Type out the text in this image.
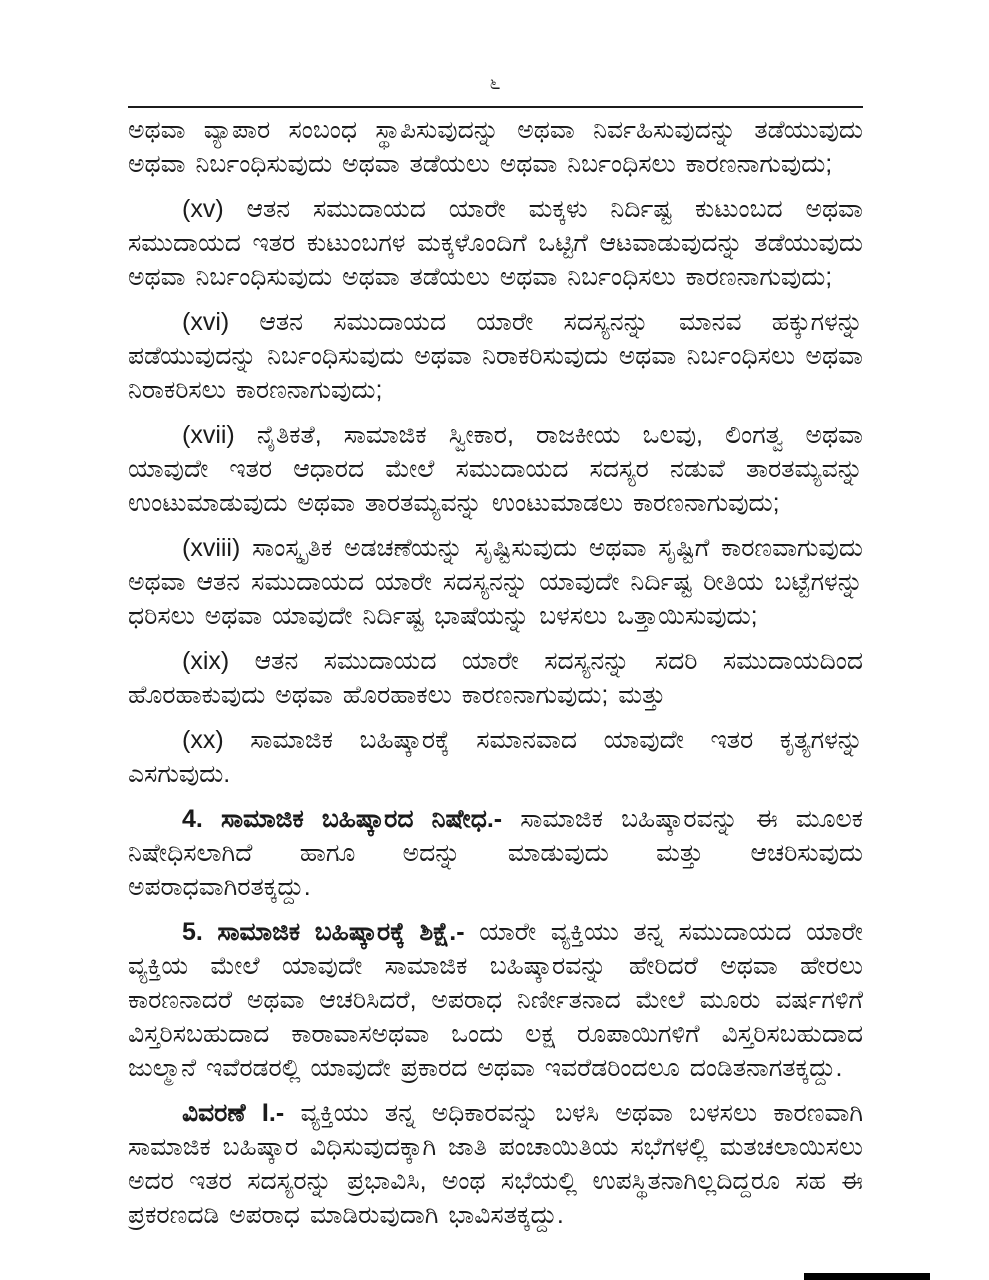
೬

ಅಥವಾ ವ್ಯಾಪಾರ ಸಂಬಂಧ ಸ್ಥಾಪಿಸುವುದನ್ನು ಅಥವಾ ನಿರ್ವಹಿಸುವುದನ್ನು ತಡೆಯುವುದು ಅಥವಾ ನಿರ್ಬಂಧಿಸುವುದು ಅಥವಾ ತಡೆಯಲು ಅಥವಾ ನಿರ್ಬಂಧಿಸಲು ಕಾರಣನಾಗುವುದು;

(xv) ಆತನ ಸಮುದಾಯದ ಯಾರೇ ಮಕ್ಕಳು ನಿರ್ದಿಷ್ಟ ಕುಟುಂಬದ ಅಥವಾ ಸಮುದಾಯದ ಇತರ ಕುಟುಂಬಗಳ ಮಕ್ಕಳೊಂದಿಗೆ ಒಟ್ಟಿಗೆ ಆಟವಾಡುವುದನ್ನು ತಡೆಯುವುದು ಅಥವಾ ನಿರ್ಬಂಧಿಸುವುದು ಅಥವಾ ತಡೆಯಲು ಅಥವಾ ನಿರ್ಬಂಧಿಸಲು ಕಾರಣನಾಗುವುದು;

(xvi) ಆತನ ಸಮುದಾಯದ ಯಾರೇ ಸದಸ್ಯನನ್ನು ಮಾನವ ಹಕ್ಕುಗಳನ್ನು ಪಡೆಯುವುದನ್ನು ನಿರ್ಬಂಧಿಸುವುದು ಅಥವಾ ನಿರಾಕರಿಸುವುದು ಅಥವಾ ನಿರ್ಬಂಧಿಸಲು ಅಥವಾ ನಿರಾಕರಿಸಲು ಕಾರಣನಾಗುವುದು;

(xvii) ನೈತಿಕತೆ, ಸಾಮಾಜಿಕ ಸ್ವೀಕಾರ, ರಾಜಕೀಯ ಒಲವು, ಲಿಂಗತ್ವ ಅಥವಾ ಯಾವುದೇ ಇತರ ಆಧಾರದ ಮೇಲೆ ಸಮುದಾಯದ ಸದಸ್ಯರ ನಡುವೆ ತಾರತಮ್ಯವನ್ನು ಉಂಟುಮಾಡುವುದು ಅಥವಾ ತಾರತಮ್ಯವನ್ನು ಉಂಟುಮಾಡಲು ಕಾರಣನಾಗುವುದು;

(xviii) ಸಾಂಸ್ಕೃತಿಕ ಅಡಚಣೆಯನ್ನು ಸೃಷ್ಟಿಸುವುದು ಅಥವಾ ಸೃಷ್ಟಿಗೆ ಕಾರಣವಾಗುವುದು ಅಥವಾ ಆತನ ಸಮುದಾಯದ ಯಾರೇ ಸದಸ್ಯನನ್ನು ಯಾವುದೇ ನಿರ್ದಿಷ್ಟ ರೀತಿಯ ಬಟ್ಟೆಗಳನ್ನು ಧರಿಸಲು ಅಥವಾ ಯಾವುದೇ ನಿರ್ದಿಷ್ಟ ಭಾಷೆಯನ್ನು ಬಳಸಲು ಒತ್ತಾಯಿಸುವುದು;

(xix) ಆತನ ಸಮುದಾಯದ ಯಾರೇ ಸದಸ್ಯನನ್ನು ಸದರಿ ಸಮುದಾಯದಿಂದ ಹೊರಹಾಕುವುದು ಅಥವಾ ಹೊರಹಾಕಲು ಕಾರಣನಾಗುವುದು; ಮತ್ತು

(xx) ಸಾಮಾಜಿಕ ಬಹಿಷ್ಕಾರಕ್ಕೆ ಸಮಾನವಾದ ಯಾವುದೇ ಇತರ ಕೃತ್ಯಗಳನ್ನು ಎಸಗುವುದು.

4. ಸಾಮಾಜಿಕ ಬಹಿಷ್ಕಾರದ ನಿಷೇಧ.- ಸಾಮಾಜಿಕ ಬಹಿಷ್ಕಾರವನ್ನು ಈ ಮೂಲಕ ನಿಷೇಧಿಸಲಾಗಿದೆ ಹಾಗೂ ಅದನ್ನು ಮಾಡುವುದು ಮತ್ತು ಆಚರಿಸುವುದು ಅಪರಾಧವಾಗಿರತಕ್ಕದ್ದು.

5. ಸಾಮಾಜಿಕ ಬಹಿಷ್ಕಾರಕ್ಕೆ ಶಿಕ್ಷೆ.- ಯಾರೇ ವ್ಯಕ್ತಿಯು ತನ್ನ ಸಮುದಾಯದ ಯಾರೇ ವ್ಯಕ್ತಿಯ ಮೇಲೆ ಯಾವುದೇ ಸಾಮಾಜಿಕ ಬಹಿಷ್ಕಾರವನ್ನು ಹೇರಿದರೆ ಅಥವಾ ಹೇರಲು ಕಾರಣನಾದರೆ ಅಥವಾ ಆಚರಿಸಿದರೆ, ಅಪರಾಧ ನಿರ್ಣೀತನಾದ ಮೇಲೆ ಮೂರು ವರ್ಷಗಳಿಗೆ ವಿಸ್ತರಿಸಬಹುದಾದ ಕಾರಾವಾಸಅಥವಾ ಒಂದು ಲಕ್ಷ ರೂಪಾಯಿಗಳಿಗೆ ವಿಸ್ತರಿಸಬಹುದಾದ ಜುಲ್ಮಾನೆ ಇವೆರಡರಲ್ಲಿ ಯಾವುದೇ ಪ್ರಕಾರದ ಅಥವಾ ಇವರೆಡರಿಂದಲೂ ದಂಡಿತನಾಗತಕ್ಕದ್ದು.

ವಿವರಣೆ I.- ವ್ಯಕ್ತಿಯು ತನ್ನ ಅಧಿಕಾರವನ್ನು ಬಳಸಿ ಅಥವಾ ಬಳಸಲು ಕಾರಣವಾಗಿ ಸಾಮಾಜಿಕ ಬಹಿಷ್ಕಾರ ವಿಧಿಸುವುದಕ್ಕಾಗಿ ಜಾತಿ ಪಂಚಾಯಿತಿಯ ಸಭೆಗಳಲ್ಲಿ ಮತಚಲಾಯಿಸಲು ಅದರ ಇತರ ಸದಸ್ಯರನ್ನು ಪ್ರಭಾವಿಸಿ, ಅಂಥ ಸಭೆಯಲ್ಲಿ ಉಪಸ್ಥಿತನಾಗಿಲ್ಲದಿದ್ದರೂ ಸಹ ಈ ಪ್ರಕರಣದಡಿ ಅಪರಾಧ ಮಾಡಿರುವುದಾಗಿ ಭಾವಿಸತಕ್ಕದ್ದು.
